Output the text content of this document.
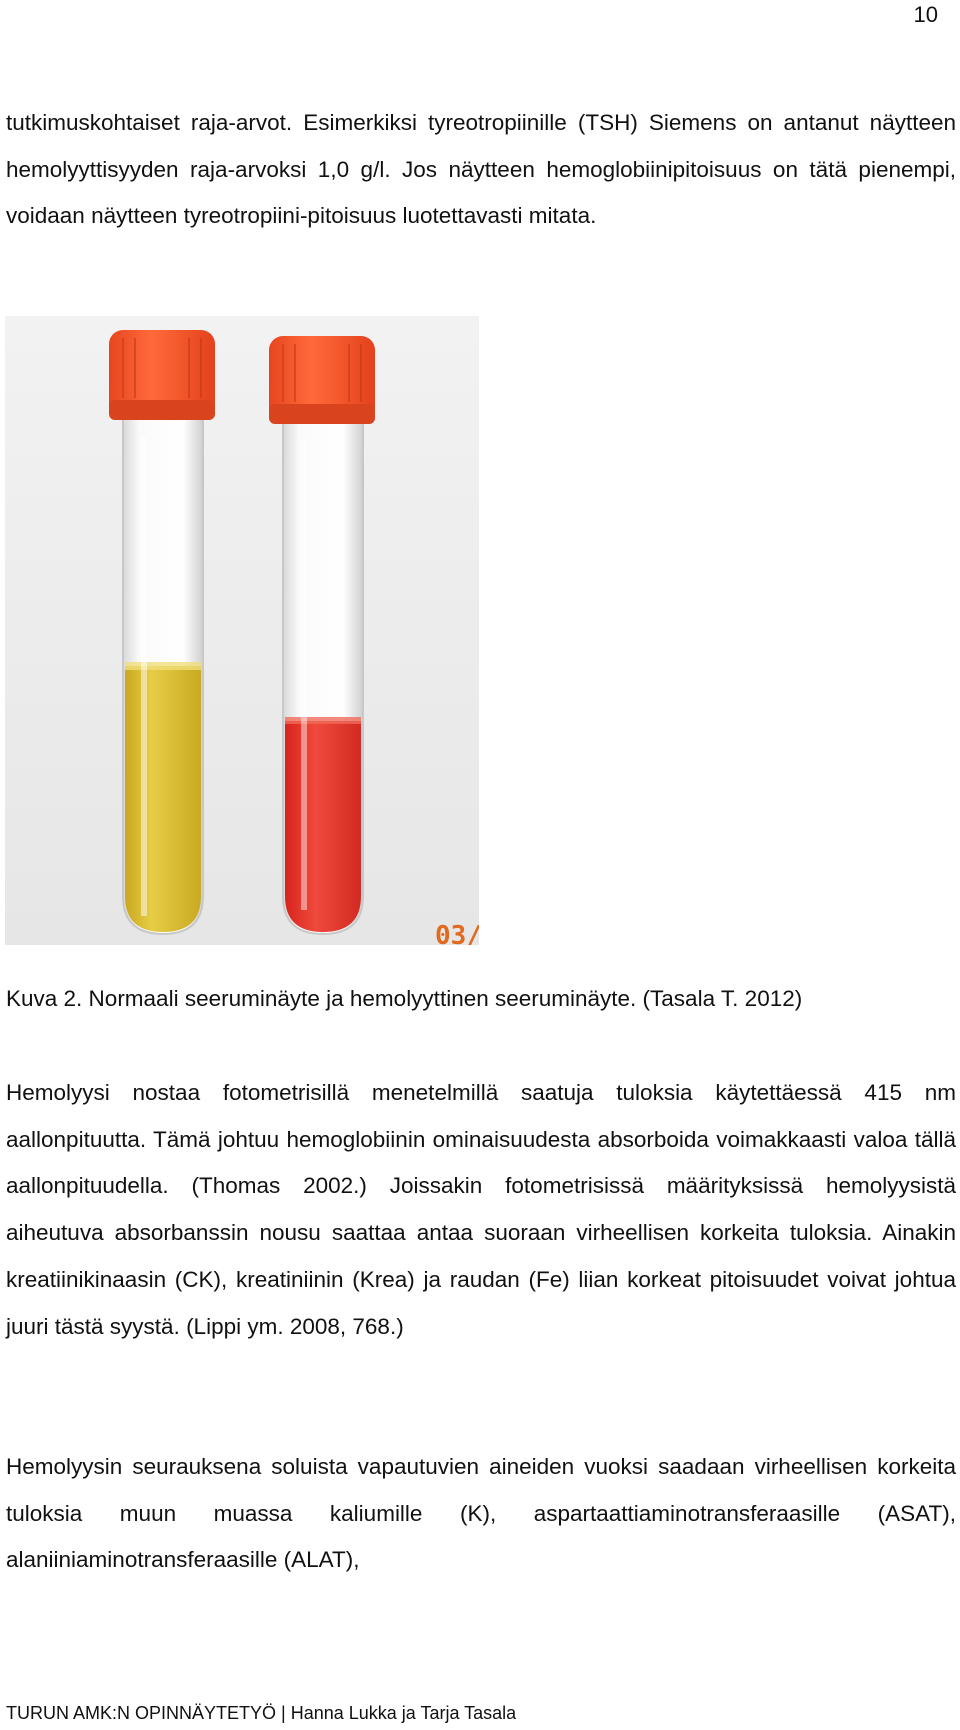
10

tutkimuskohtaiset raja-arvot. Esimerkiksi tyreotropiinille (TSH) Siemens on antanut näytteen hemolyyttisyyden raja-arvoksi 1,0 g/l. Jos näytteen hemoglobiinipitoisuus on tätä pienempi, voidaan näytteen tyreotropiini-pitoisuus luotettavasti mitata.

03/

Kuva 2. Normaali seeruminäyte ja hemolyyttinen seeruminäyte. (Tasala T. 2012)

Hemolyysi nostaa fotometrisillä menetelmillä saatuja tuloksia käytettäessä 415 nm aallonpituutta. Tämä johtuu hemoglobiinin ominaisuudesta absorboida voimakkaasti valoa tällä aallonpituudella. (Thomas 2002.) Joissakin fotometrisissä määrityksissä hemolyysistä aiheutuva absorbanssin nousu saattaa antaa suoraan virheellisen korkeita tuloksia. Ainakin kreatiinikinaasin (CK), kreatiniinin (Krea) ja raudan (Fe) liian korkeat pitoisuudet voivat johtua juuri tästä syystä. (Lippi ym. 2008, 768.)

Hemolyysin seurauksena soluista vapautuvien aineiden vuoksi saadaan virheellisen korkeita tuloksia muun muassa kaliumille (K), aspartaattiaminotransferaasille (ASAT), alaniiniaminotransferaasille (ALAT),

TURUN AMK:N OPINNÄYTETYÖ | Hanna Lukka ja Tarja Tasala
